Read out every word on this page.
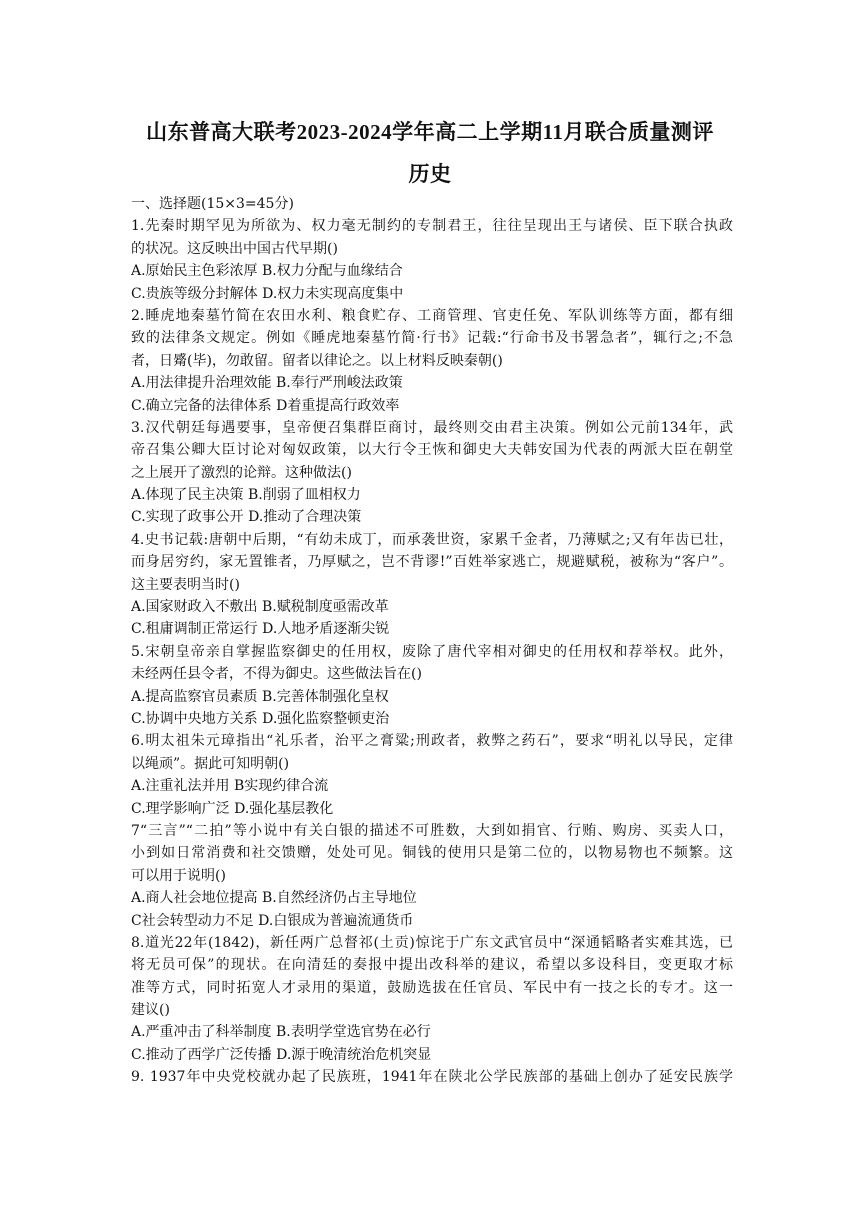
山东普高大联考2023-2024学年高二上学期11月联合质量测评
历史
一、选择题(15×3=45分)
1.先秦时期罕见为所欲为、权力毫无制约的专制君王，往往呈现出王与诸侯、臣下联合执政
的状况。这反映出中国古代早期()
A.原始民主色彩浓厚 B.权力分配与血缘结合
C.贵族等级分封解体 D.权力未实现高度集中
2.睡虎地秦墓竹简在农田水利、粮食贮存、工商管理、官吏任免、军队训练等方面，都有细
致的法律条文规定。例如《睡虎地秦墓竹简·行书》记载:“行命书及书署急者”，辄行之;不急
者，日觱(毕)，勿敢留。留者以律论之。以上材料反映秦朝()
A.用法律提升治理效能 B.奉行严刑峻法政策
C.确立完备的法律体系 D着重提高行政效率
3.汉代朝廷每遇要事，皇帝便召集群臣商讨，最终则交由君主决策。例如公元前134年，武
帝召集公卿大臣讨论对匈奴政策，以大行令王恢和御史大夫韩安国为代表的两派大臣在朝堂
之上展开了激烈的论辩。这种做法()
A.体现了民主决策 B.削弱了皿相权力
C.实现了政事公开 D.推动了合理决策
4.史书记载:唐朝中后期，“有幼未成丁，而承袭世资，家累千金者，乃薄赋之;又有年齿已壮，
而身居穷约，家无置锥者，乃厚赋之，岂不背谬!”百姓举家逃亡，规避赋税，被称为“客户”。
这主要表明当时()
A.国家财政入不敷出 B.赋税制度亟需改革
C.租庸调制正常运行 D.人地矛盾逐渐尖锐
5.宋朝皇帝亲自掌握监察御史的任用权，废除了唐代宰相对御史的任用权和荐举权。此外，
未经两任县令者，不得为御史。这些做法旨在()
A.提高监察官员素质 B.完善体制强化皇权
C.协调中央地方关系 D.强化监察整顿吏治
6.明太祖朱元璋指出“礼乐者，治平之膏粱;刑政者，救弊之药石”，要求“明礼以导民，定律
以绳顽”。据此可知明朝()
A.注重礼法并用 B实现约律合流
C.理学影响广泛 D.强化基层教化
7“三言”“二拍”等小说中有关白银的描述不可胜数，大到如捐官、行贿、购房、买卖人口，
小到如日常消费和社交馈赠，处处可见。铜钱的使用只是第二位的，以物易物也不频繁。这
可以用于说明()
A.商人社会地位提高 B.自然经济仍占主导地位
C社会转型动力不足 D.白银成为普遍流通货币
8.道光22年(1842)，新任两广总督祁(土贡)惊诧于广东文武官员中“深通韬略者实难其选，已
将无员可保”的现状。在向清廷的奏报中提出改科举的建议，希望以多设科目，变更取才标
准等方式，同时拓宽人才录用的渠道，鼓励选拔在任官员、军民中有一技之长的专才。这一
建议()
A.严重冲击了科举制度 B.表明学堂选官势在必行
C.推动了西学广泛传播 D.源于晚清统治危机突显
9. 1937年中央党校就办起了民族班，1941年在陕北公学民族部的基础上创办了延安民族学
